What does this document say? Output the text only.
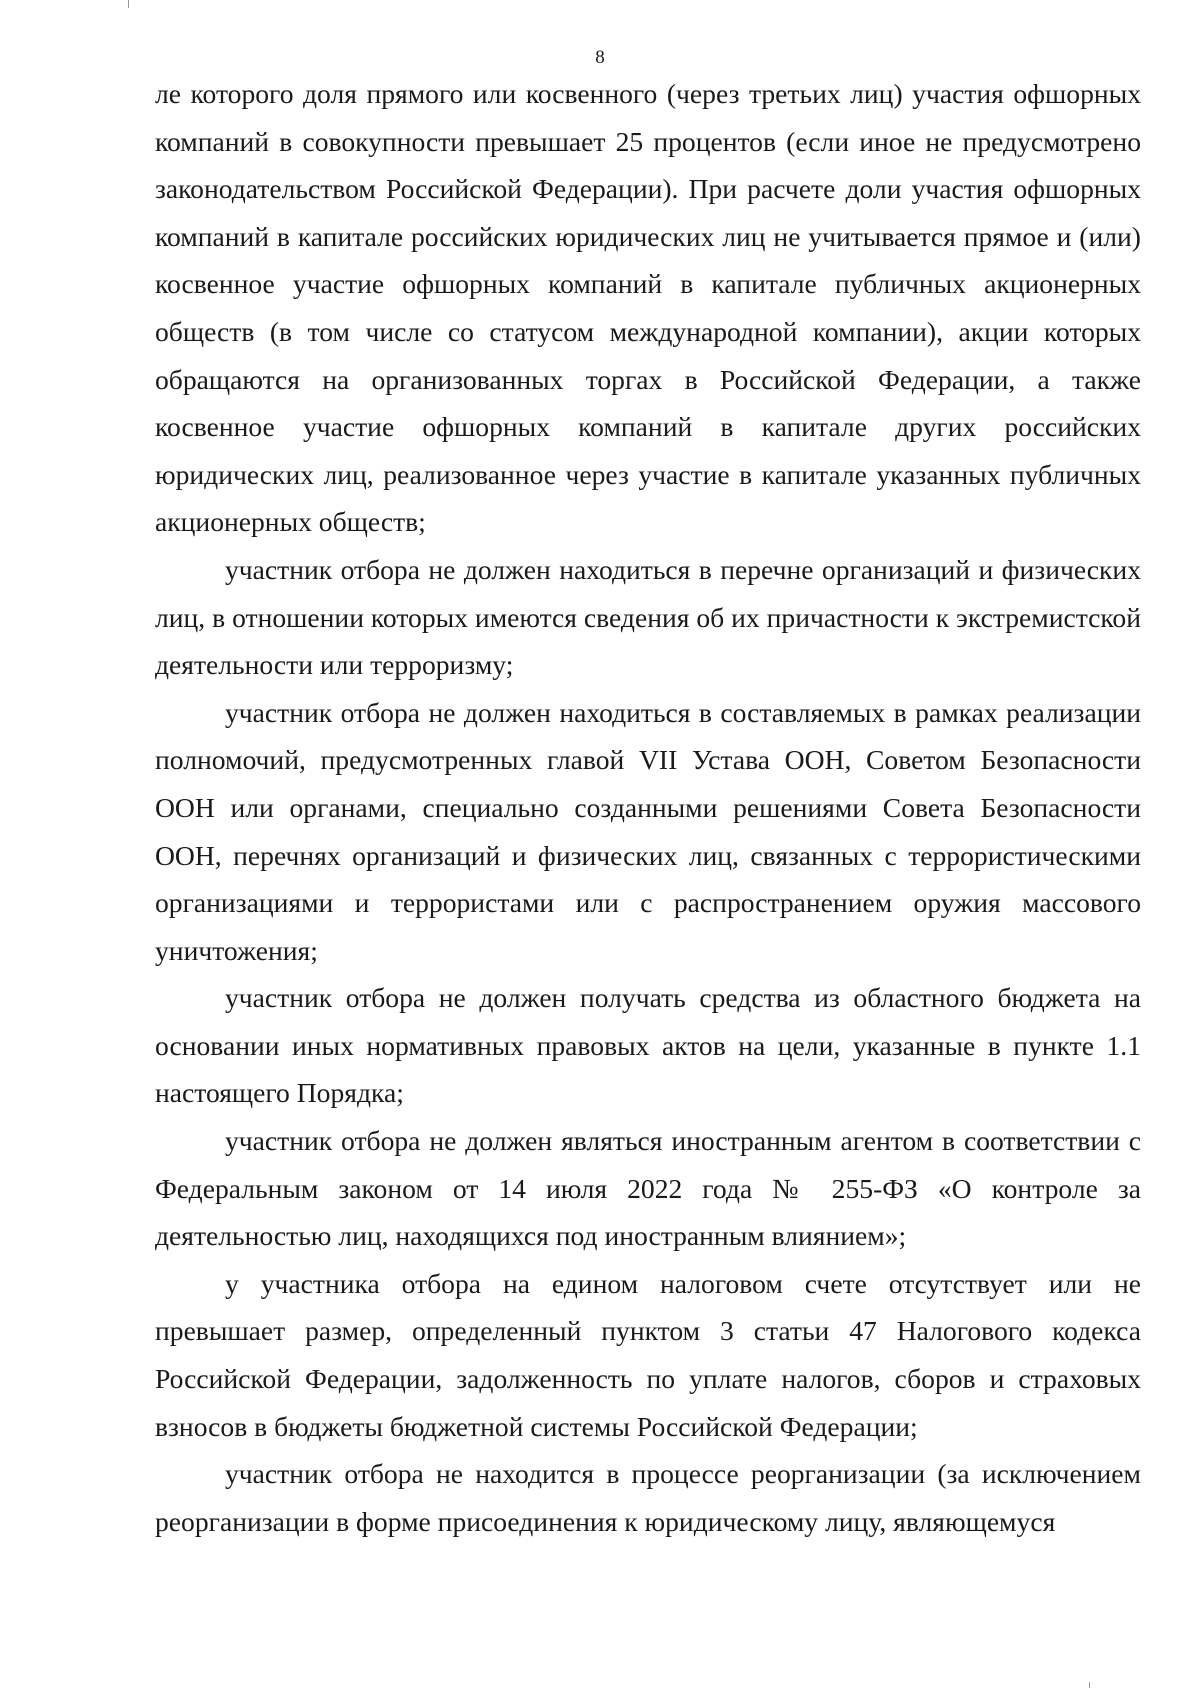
8

ле которого доля прямого или косвенного (через третьих лиц) участия офшорных компаний в совокупности превышает 25 процентов (если иное не предусмотрено законодательством Российской Федерации). При расчете доли участия офшорных компаний в капитале российских юридических лиц не учитывается прямое и (или) косвенное участие офшорных компаний в капитале публичных акционерных обществ (в том числе со статусом международной компании), акции которых обращаются на организованных торгах в Российской Федерации, а также косвенное участие офшорных компаний в капитале других российских юридических лиц, реализованное через участие в капитале указанных публичных акционерных обществ;

участник отбора не должен находиться в перечне организаций и физических лиц, в отношении которых имеются сведения об их причастности к экстремистской деятельности или терроризму;

участник отбора не должен находиться в составляемых в рамках реализации полномочий, предусмотренных главой VII Устава ООН, Советом Безопасности ООН или органами, специально созданными решениями Совета Безопасности ООН, перечнях организаций и физических лиц, связанных с террористическими организациями и террористами или с распространением оружия массового уничтожения;

участник отбора не должен получать средства из областного бюджета на основании иных нормативных правовых актов на цели, указанные в пункте 1.1 настоящего Порядка;

участник отбора не должен являться иностранным агентом в соответствии с Федеральным законом от 14 июля 2022 года № 255-ФЗ «О контроле за деятельностью лиц, находящихся под иностранным влиянием»;

у участника отбора на едином налоговом счете отсутствует или не превышает размер, определенный пунктом 3 статьи 47 Налогового кодекса Российской Федерации, задолженность по уплате налогов, сборов и страховых взносов в бюджеты бюджетной системы Российской Федерации;

участник отбора не находится в процессе реорганизации (за исключением реорганизации в форме присоединения к юридическому лицу, являющемуся
